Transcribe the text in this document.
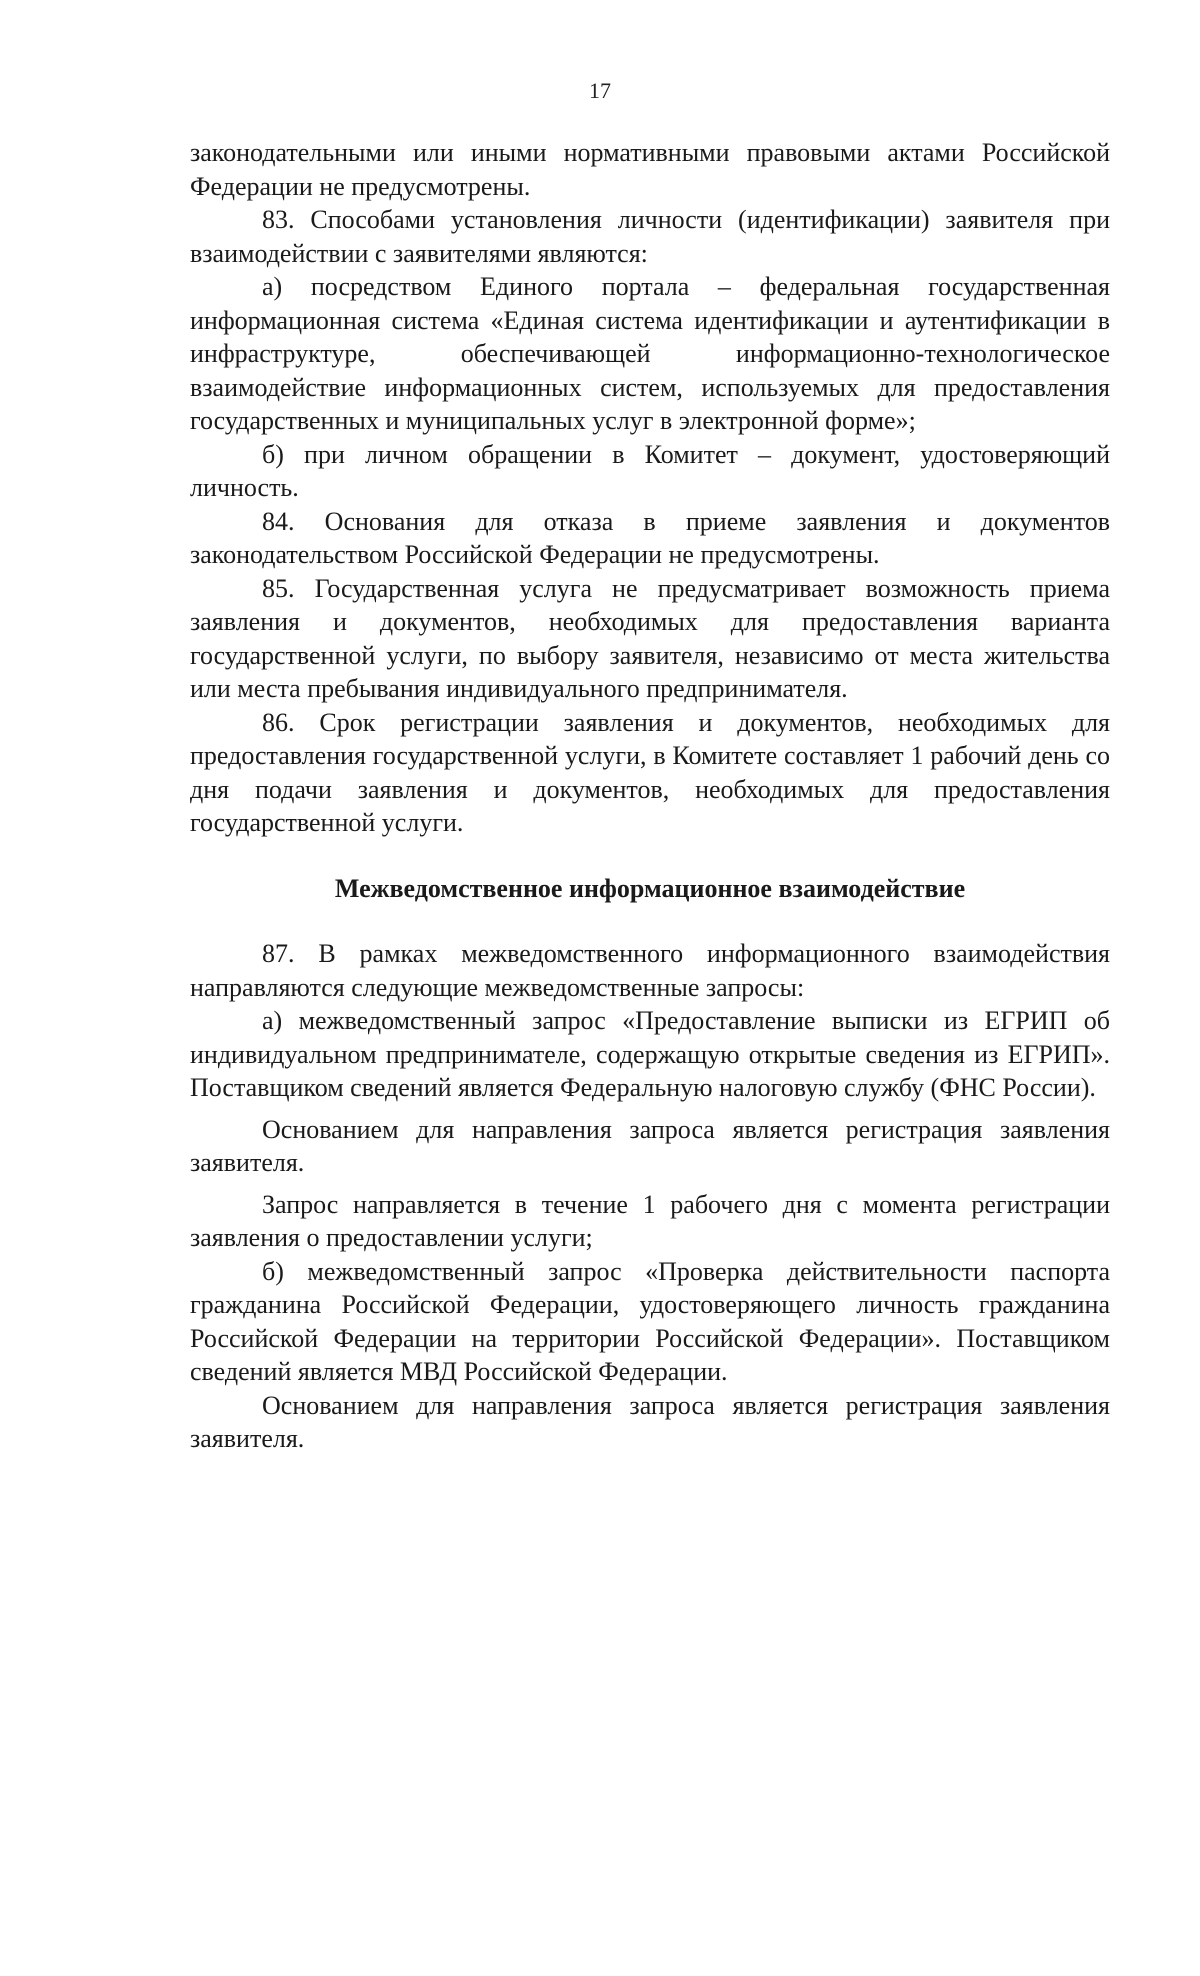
17

законодательными или иными нормативными правовыми актами Российской Федерации не предусмотрены.

83. Способами установления личности (идентификации) заявителя при взаимодействии с заявителями являются:

а) посредством Единого портала – федеральная государственная информационная система «Единая система идентификации и аутентификации в инфраструктуре, обеспечивающей информационно-технологическое взаимодействие информационных систем, используемых для предоставления государственных и муниципальных услуг в электронной форме»;

б) при личном обращении в Комитет – документ, удостоверяющий личность.

84. Основания для отказа в приеме заявления и документов законодательством Российской Федерации не предусмотрены.

85. Государственная услуга не предусматривает возможность приема заявления и документов, необходимых для предоставления варианта государственной услуги, по выбору заявителя, независимо от места жительства или места пребывания индивидуального предпринимателя.

86. Срок регистрации заявления и документов, необходимых для предоставления государственной услуги, в Комитете составляет 1 рабочий день со дня подачи заявления и документов, необходимых для предоставления государственной услуги.

Межведомственное информационное взаимодействие

87. В рамках межведомственного информационного взаимодействия направляются следующие межведомственные запросы:

а) межведомственный запрос «Предоставление выписки из ЕГРИП об индивидуальном предпринимателе, содержащую открытые сведения из ЕГРИП». Поставщиком сведений является Федеральную налоговую службу (ФНС России).

Основанием для направления запроса является регистрация заявления заявителя.

Запрос направляется в течение 1 рабочего дня с момента регистрации заявления о предоставлении услуги;

б) межведомственный запрос «Проверка действительности паспорта гражданина Российской Федерации, удостоверяющего личность гражданина Российской Федерации на территории Российской Федерации». Поставщиком сведений является МВД Российской Федерации.

Основанием для направления запроса является регистрация заявления заявителя.
